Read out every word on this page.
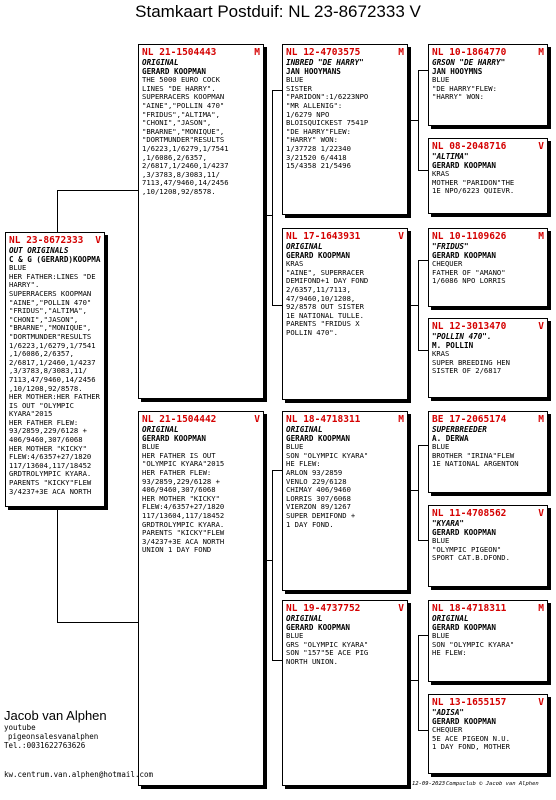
Stamkaart Postduif: NL 23-8672333 V
NL 23-8672333 V
OUT ORIGINALS
C & G (GERARD)KOOPMA
BLUE
HER FATHER:LINES "DE HARRY".
SUPERRACERS KOOPMAN "AINE","POLLIN 470"
"FRIDUS","ALTIMA",
"CHONI","JASON",
"BRARNE","MONIQUE",
"DORTMUNDER"RESULTS
1/6223,1/6279,1/7541
,1/6086,2/6357,
2/6817,1/2460,1/4237
,3/3783,8/3083,11/
7113,47/9460,14/2456
,10/1208,92/8578.
HER MOTHER:HER FATHER IS OUT "OLYMPIC KYARA"2015
HER FATHER FLEW:
93/2859,229/6128 +
406/9460,307/6068
HER MOTHER "KICKY"
FLEW:4/6357+27/1820
117/13604,117/18452
GRDTROLYMPIC KYARA.
PARENTS "KICKY"FLEW
3/4237+3E ACA NORTH
NL 21-1504443	M
ORIGINAL
GERARD KOOPMAN
THE 5000 EURO COCK
LINES "DE HARRY".
SUPERRACERS KOOPMAN
"AINE","POLLIN 470"
"FRIDUS","ALTIMA",
"CHONI","JASON",
"BRARNE","MONIQUE",
"DORTMUNDER"RESULTS
1/6223,1/6279,1/7541
,1/6086,2/6357,
2/6817,1/2460,1/4237
,3/3783,8/3083,11/
7113,47/9460,14/2456
,10/1208,92/8578.
NL 21-1504442	V
ORIGINAL
GERARD KOOPMAN
BLUE
HER FATHER IS OUT
"OLYMPIC KYARA"2015
HER FATHER FLEW:
93/2859,229/6128 +
406/9460,307/6068
HER MOTHER "KICKY"
FLEW:4/6357+27/1820
117/13604,117/18452
GRDTROLYMPIC KYARA.
PARENTS "KICKY"FLEW
3/4237+3E ACA NORTH
UNION 1 DAY FOND
NL 12-4703575	M
INBRED "DE HARRY"
JAN HOOYMANS
BLUE
SISTER
"PARIDON":1/6223NPO
"MR ALLENIG":
1/6279 NPO
BLOISQUICKEST 7541P
"DE HARRY"FLEW:
"HARRY" WON:
1/37728 1/22340
3/21520 6/4418
15/4358 21/5496
NL 17-1643931	V
ORIGINAL
GERARD KOOPMAN
KRAS
"AINE", SUPERRACER
DEMIFOND+1 DAY FOND
2/6357,11/7113,
47/9460,10/1208,
92/8578 OUT SISTER
1E NATIONAL TULLE.
PARENTS "FRIDUS X
POLLIN 470".
NL 18-4718311	M
ORIGINAL
GERARD KOOPMAN
BLUE
SON "OLYMPIC KYARA"
HE FLEW:
ARLON 93/2859
VENLO 229/6128
CHIMAY 406/9460
LORRIS 307/6068
VIERZON 89/1267
SUPER DEMIFOND +
1 DAY FOND.
NL 19-4737752	V
ORIGINAL
GERARD KOOPMAN
BLUE
GRS "OLYMPIC KYARA"
SON "157"5E ACE PIG
NORTH UNION.
NL 10-1864770	M
GRSON "DE HARRY"
JAN HOOYMNS
BLUE
"DE HARRY"FLEW:
"HARRY" WON:
NL 08-2048716	V
"ALTIMA"
GERARD KOOPMAN
KRAS
MOTHER "PARIDON"THE
1E NPO/6223 QUIEVR.
NL 10-1109626	M
"FRIDUS"
GERARD KOOPMAN
CHEQUER
FATHER OF "AMANO"
1/6086 NPO LORRIS
NL 12-3013470	V
"POLLIN 470".
M. POLLIN
KRAS
SUPER BREEDING HEN
SISTER OF 2/6817
BE 17-2065174	M
SUPERBREEDER
A. DERWA
BLUE
BROTHER "IRINA"FLEW
1E NATIONAL ARGENTON
NL 11-4708562	V
"KYARA"
GERARD KOOPMAN
BLUE
"OLYMPIC PIGEON"
SPORT CAT.B.DFOND.
NL 18-4718311	M
ORIGINAL
GERARD KOOPMAN
BLUE
SON "OLYMPIC KYARA"
HE FLEW:
NL 13-1655157	V
"ADISA"
GERARD KOOPMAN
CHEQUER
5E ACE PIGEON N.U.
1 DAY FOND, MOTHER
Jacob van Alphen
youtube
pigeonsalesvanalphen
Tel.:0031622763626
kw.centrum.van.alphen@hotmail.com
12-09-2023 Compuclub © Jacob van Alphen
